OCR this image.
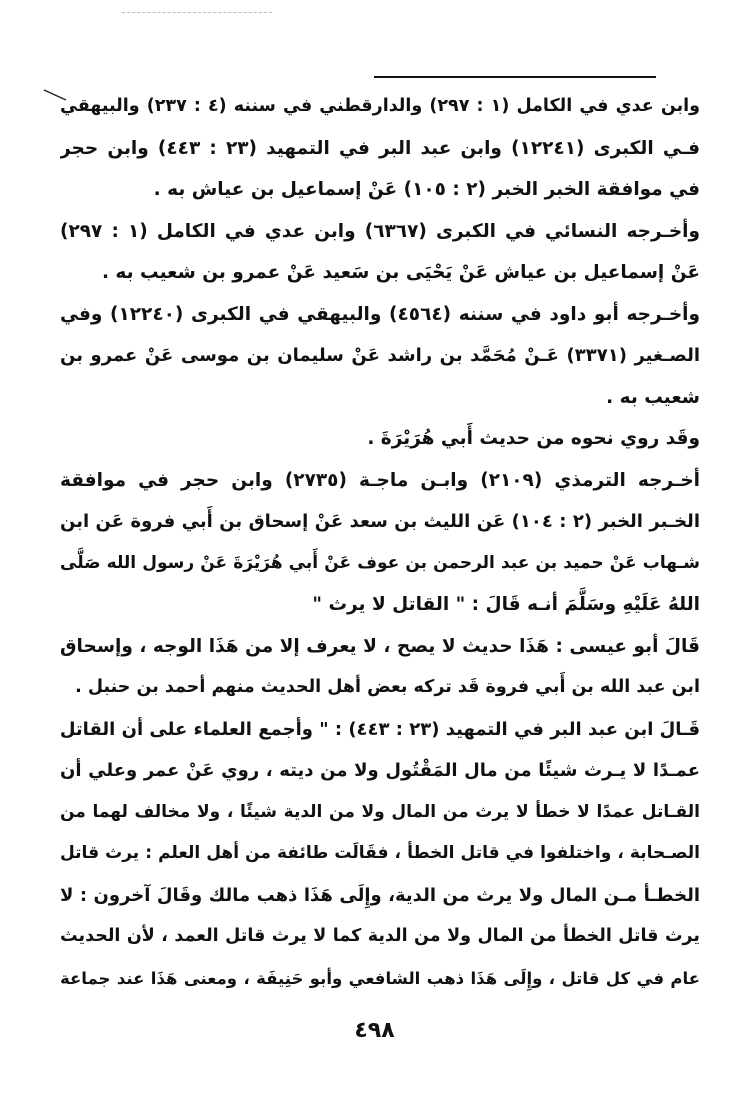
وابن عدي في الكامل (١ : ٢٩٧) والدارقطني في سننه (٤ : ٢٣٧) والبيهقي
فـي الكبرى (١٢٢٤١) وابن عبد البر في التمهيد (٢٣ : ٤٤٣) وابن حجر
في موافقة الخبر الخبر (٢ : ١٠٥) عَنْ إسماعيل بن عياش به .
وأخـرجه النسائي في الكبرى (٦٣٦٧) وابن عدي في الكامل (١ : ٢٩٧)
عَنْ إسماعيل بن عياش عَنْ يَحْيَى بن سَعيد عَنْ عمرو بن شعيب به .
وأخـرجه أبو داود في سننه (٤٥٦٤) والبيهقي في الكبرى (١٢٢٤٠) وفي
الصـغير (٣٣٧١) عَـنْ مُحَمَّد بن راشد عَنْ سليمان بن موسى عَنْ عمرو بن
شعيب به .
وقَد روي نحوه من حديث أَبي هُرَيْرَةَ .
أخـرجه الترمذي (٢١٠٩) وابـن ماجـة (٢٧٣٥) وابن حجر في موافقة
الخـبر الخبر (٢ : ١٠٤) عَن الليث بن سعد عَنْ إسحاق بن أَبي فروة عَن ابن
شـهاب عَنْ حميد بن عبد الرحمن بن عوف عَنْ أَبي هُرَيْرَةَ عَنْ رسول الله صَلَّى
اللهُ عَلَيْهِ وسَلَّمَ أنـه قَالَ : " القاتل لا يرث "
قَالَ أبو عيسى : هَذَا حديث لا يصح ، لا يعرف إلا من هَذَا الوجه ، وإسحاق
ابن عبد الله بن أَبي فروة قَد تركه بعض أهل الحديث منهم أحمد بن حنبل .
قَـالَ ابن عبد البر في التمهيد (٢٣ : ٤٤٣) : " وأجمع العلماء على أن القاتل
عمـدًا لا يـرث شيئًا من مال المَقْتُول ولا من ديته ، روي عَنْ عمر وعلي أن
القـاتل عمدًا لا خطأ لا يرث من المال ولا من الدية شيئًا ، ولا مخالف لهما من
الصـحابة ، واختلفوا في قاتل الخطأ ، فقَالَت طائفة من أهل العلم : يرث قاتل
الخطـأ مـن المال ولا يرث من الدية، وإِلَى هَذَا ذهب مالك وقَالَ آخرون : لا
يرث قاتل الخطأ من المال ولا من الدية كما لا يرث قاتل العمد ، لأن الحديث
عام في كل قاتل ، وإِلَى هَذَا ذهب الشافعي وأبو حَنِيفَة ، ومعنى هَذَا عند جماعة
٤٩٨
